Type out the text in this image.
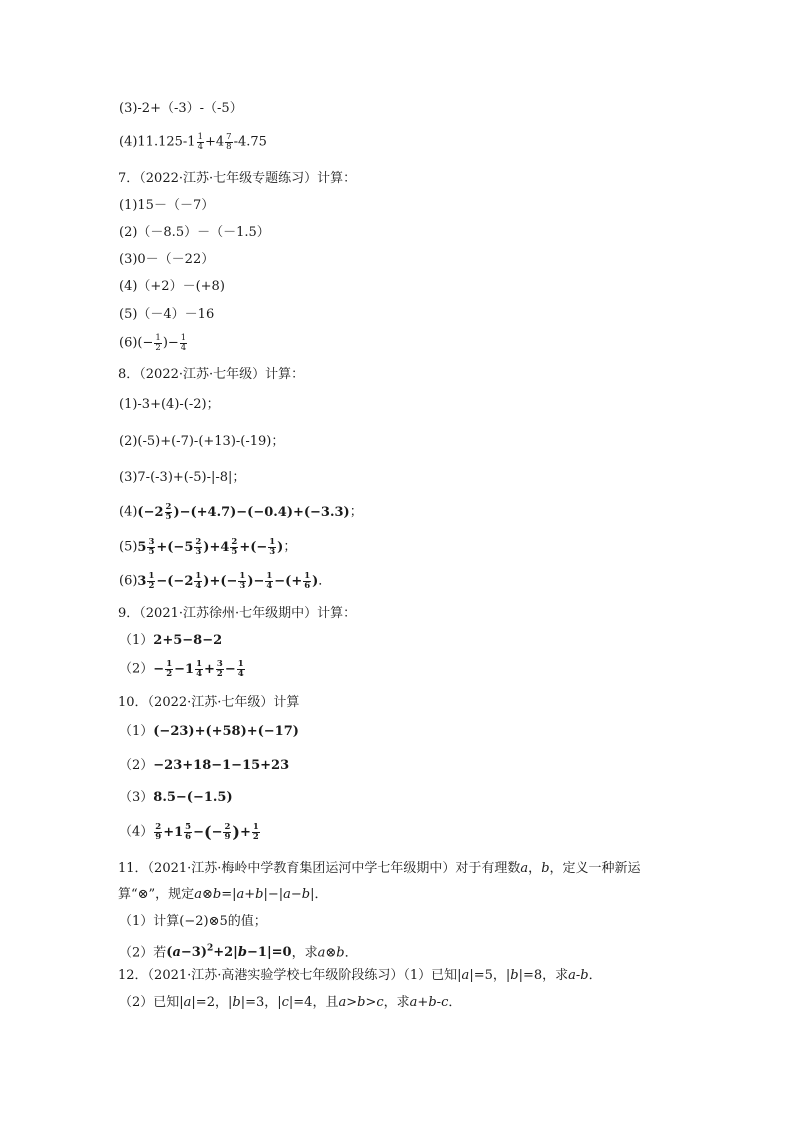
(3)-2+（-3）-（-5）
$(4)11.125-1 \frac{1}{4} +4 \frac{7}{8} -4.75$
7．（2022·江苏·七年级专题练习）计算：
(1)15－（－7）
(2)（－8.5）－（－1.5）
(3)0－（－22）
(4)（+2）－(+8)
(5)（－4）－16
$(6)(- \frac{1}{2}$ )− $\frac{1}{4}$
8．（2022·江苏·七年级）计算：
(1)-3+(4)-(-2)；
(2)(-5)+(-7)-(+13)-(-19)；
(3)7-(-3)+(-5)-|-8|；
$(4)(-2 \frac{2}{5} )-(+4.7)-(-0.4)+(-3.3)$；
$(5)5 \frac{3}{5} +(-5 \frac{2}{3} )+4 \frac{2}{5}$ +(− $\frac{1}{3}$ )；
$(6)3 \frac{1}{2} -(-2 \frac{1}{4}$ )+(− $\frac{1}{3}$ )− $\frac{1}{4}$ −(+ $\frac{1}{6}$ )．
9．（2021·江苏徐州·七年级期中）计算：
（1）2+5−8−2
$(2)- \frac{1}{2} -1 \frac{1}{4} + \frac{3}{2} - \frac{1}{4}$
10．（2022·江苏·七年级）计算
（1）(−23)+(+58)+(−17)
（2）−23+18−1−15+23
（3）8.5−(−1.5)
$(4) \frac{2}{9} +1 \frac{5}{6}$ −(− $\frac{2}{9}$ )+ $\frac{1}{2}$
11．（2021·江苏·梅岭中学教育集团运河中学七年级期中）对于有理数a，b，定义一种新运
算“⊗”，规定a⊗b=|a+b|−|a−b|．
（1）计算(−2)⊗5的值；
（2）若$(a-3)^2+2|b-1|=0$，求a⊗b．
12．（2021·江苏·高港实验学校七年级阶段练习）（1）已知|a|=5，|b|=8，求a-b．
（2）已知|a|=2，|b|=3，|c|=4，且a>b>c，求a+b-c．
